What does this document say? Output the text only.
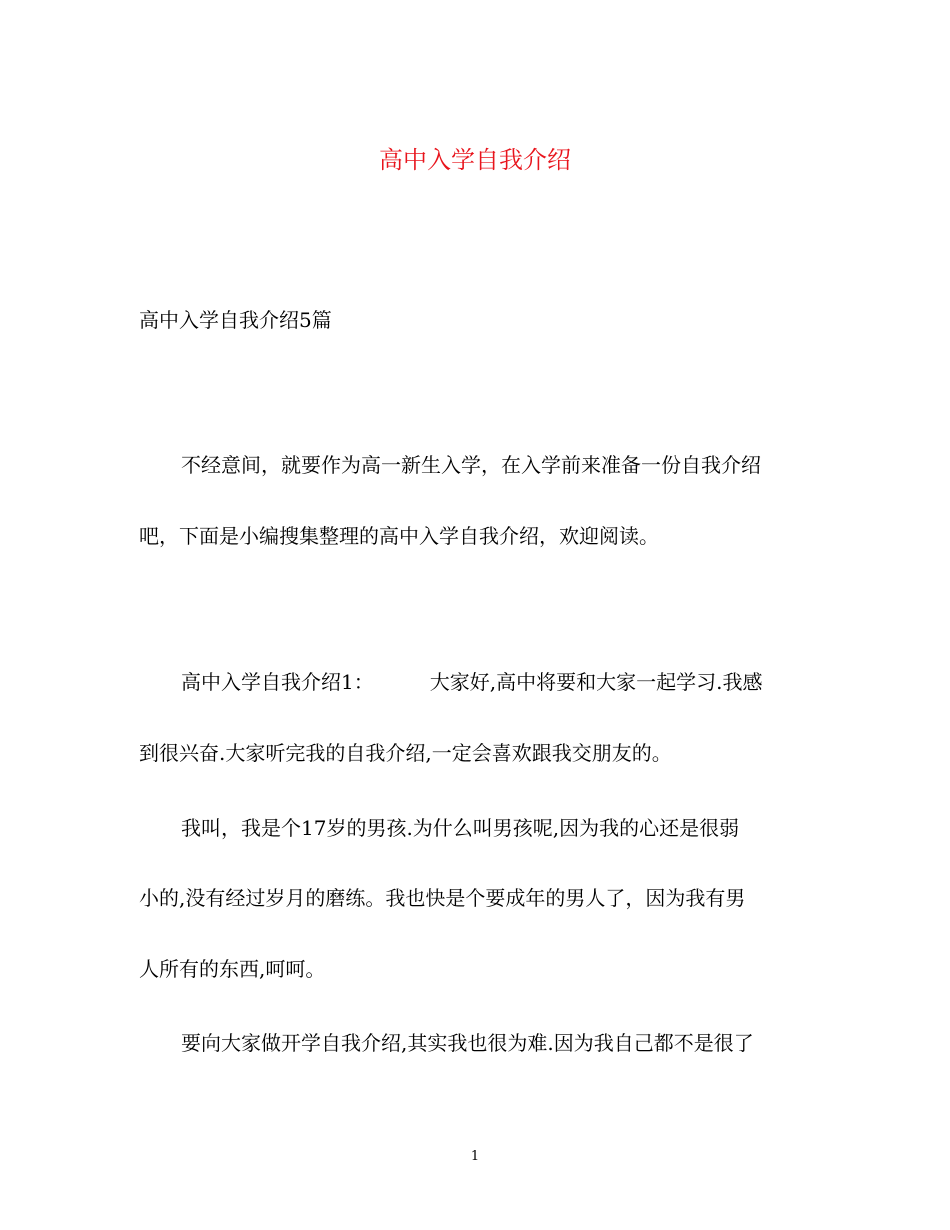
高中入学自我介绍
高中入学自我介绍5篇
不经意间，就要作为高一新生入学，在入学前来准备一份自我介绍
吧，下面是小编搜集整理的高中入学自我介绍，欢迎阅读。
高中入学自我介绍1：	大家好,高中将要和大家一起学习.我感
到很兴奋.大家听完我的自我介绍,一定会喜欢跟我交朋友的。
我叫，我是个17岁的男孩.为什么叫男孩呢,因为我的心还是很弱
小的,没有经过岁月的磨练。我也快是个要成年的男人了，因为我有男
人所有的东西,呵呵。
要向大家做开学自我介绍,其实我也很为难.因为我自己都不是很了
1
